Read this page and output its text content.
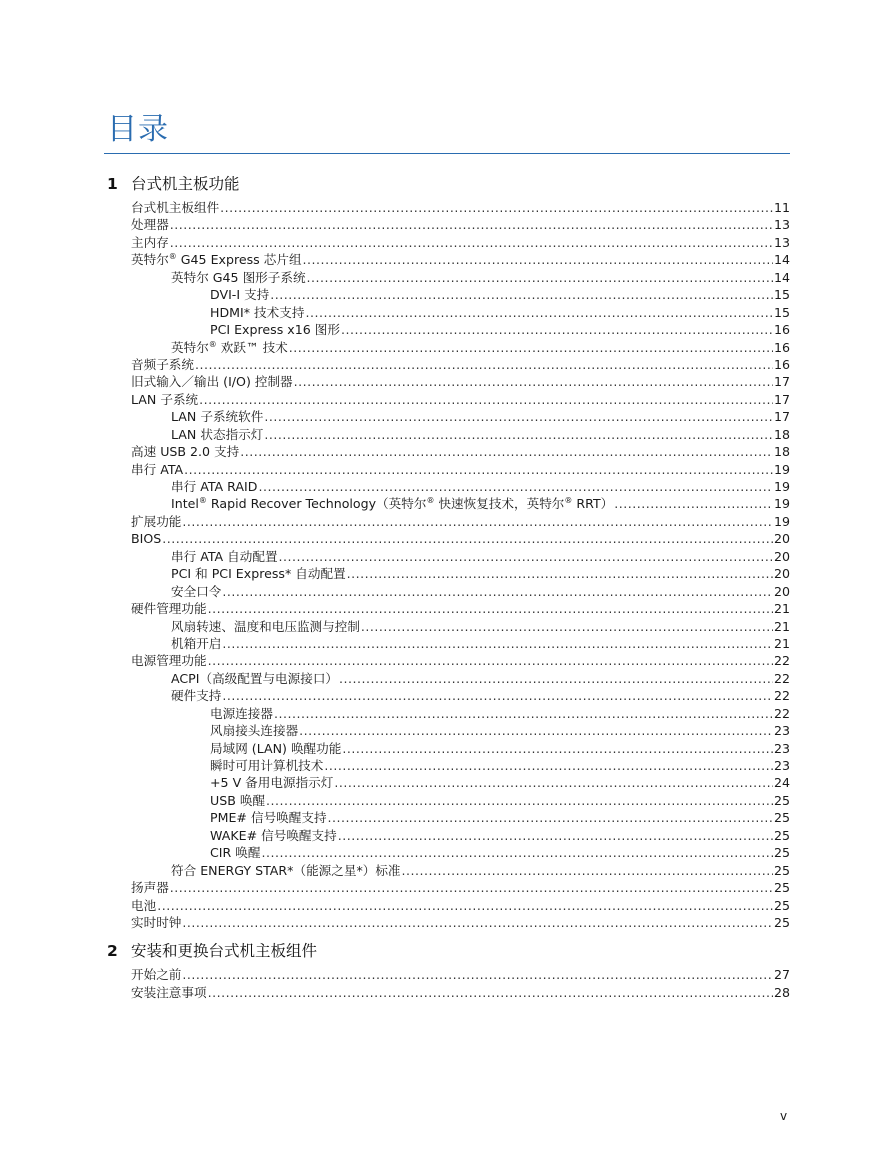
目录
1 台式机主板功能
台式机主板组件 .....	11
处理器 .....	13
主内存 .....	13
英特尔® G45 Express 芯片组 .....	14
英特尔 G45 图形子系统 .....	14
DVI-I 支持 .....	15
HDMI* 技术支持 .....	15
PCI Express x16 图形 .....	16
英特尔® 欢跃™ 技术 .....	16
音频子系统 .....	16
旧式输入／输出 (I/O) 控制器 .....	17
LAN 子系统 .....	17
LAN 子系统软件 .....	17
LAN 状态指示灯 .....	18
高速 USB 2.0 支持 .....	18
串行 ATA .....	19
串行 ATA RAID .....	19
Intel® Rapid Recover Technology（英特尔® 快速恢复技术，英特尔® RRT） .....	19
扩展功能 .....	19
BIOS .....	20
串行 ATA 自动配置 .....	20
PCI 和 PCI Express* 自动配置 .....	20
安全口令 .....	20
硬件管理功能 .....	21
风扇转速、温度和电压监测与控制 .....	21
机箱开启 .....	21
电源管理功能 .....	22
ACPI（高级配置与电源接口） .....	22
硬件支持 .....	22
电源连接器 .....	22
风扇接头连接器 .....	23
局域网 (LAN) 唤醒功能 .....	23
瞬时可用计算机技术 .....	23
+5 V 备用电源指示灯 .....	24
USB 唤醒 .....	25
PME# 信号唤醒支持 .....	25
WAKE# 信号唤醒支持 .....	25
CIR 唤醒 .....	25
符合 ENERGY STAR*（能源之星*）标准 .....	25
扬声器 .....	25
电池 .....	25
实时时钟 .....	25
2 安装和更换台式机主板组件
开始之前 .....	27
安装注意事项 .....	28
v
